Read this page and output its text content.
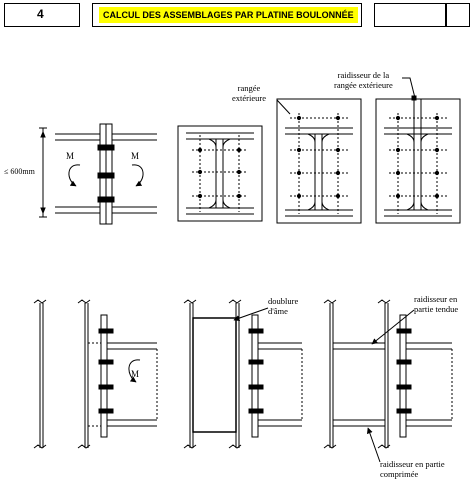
4	CALCUL DES ASSEMBLAGES PAR PLATINE BOULONNÉE
≤ 600mm
M	M
M
rangée
extérieure
raidisseur de la
rangée extérieure
doublure
d'âme
raidisseur en
partie tendue
raidisseur en partie
comprimée
